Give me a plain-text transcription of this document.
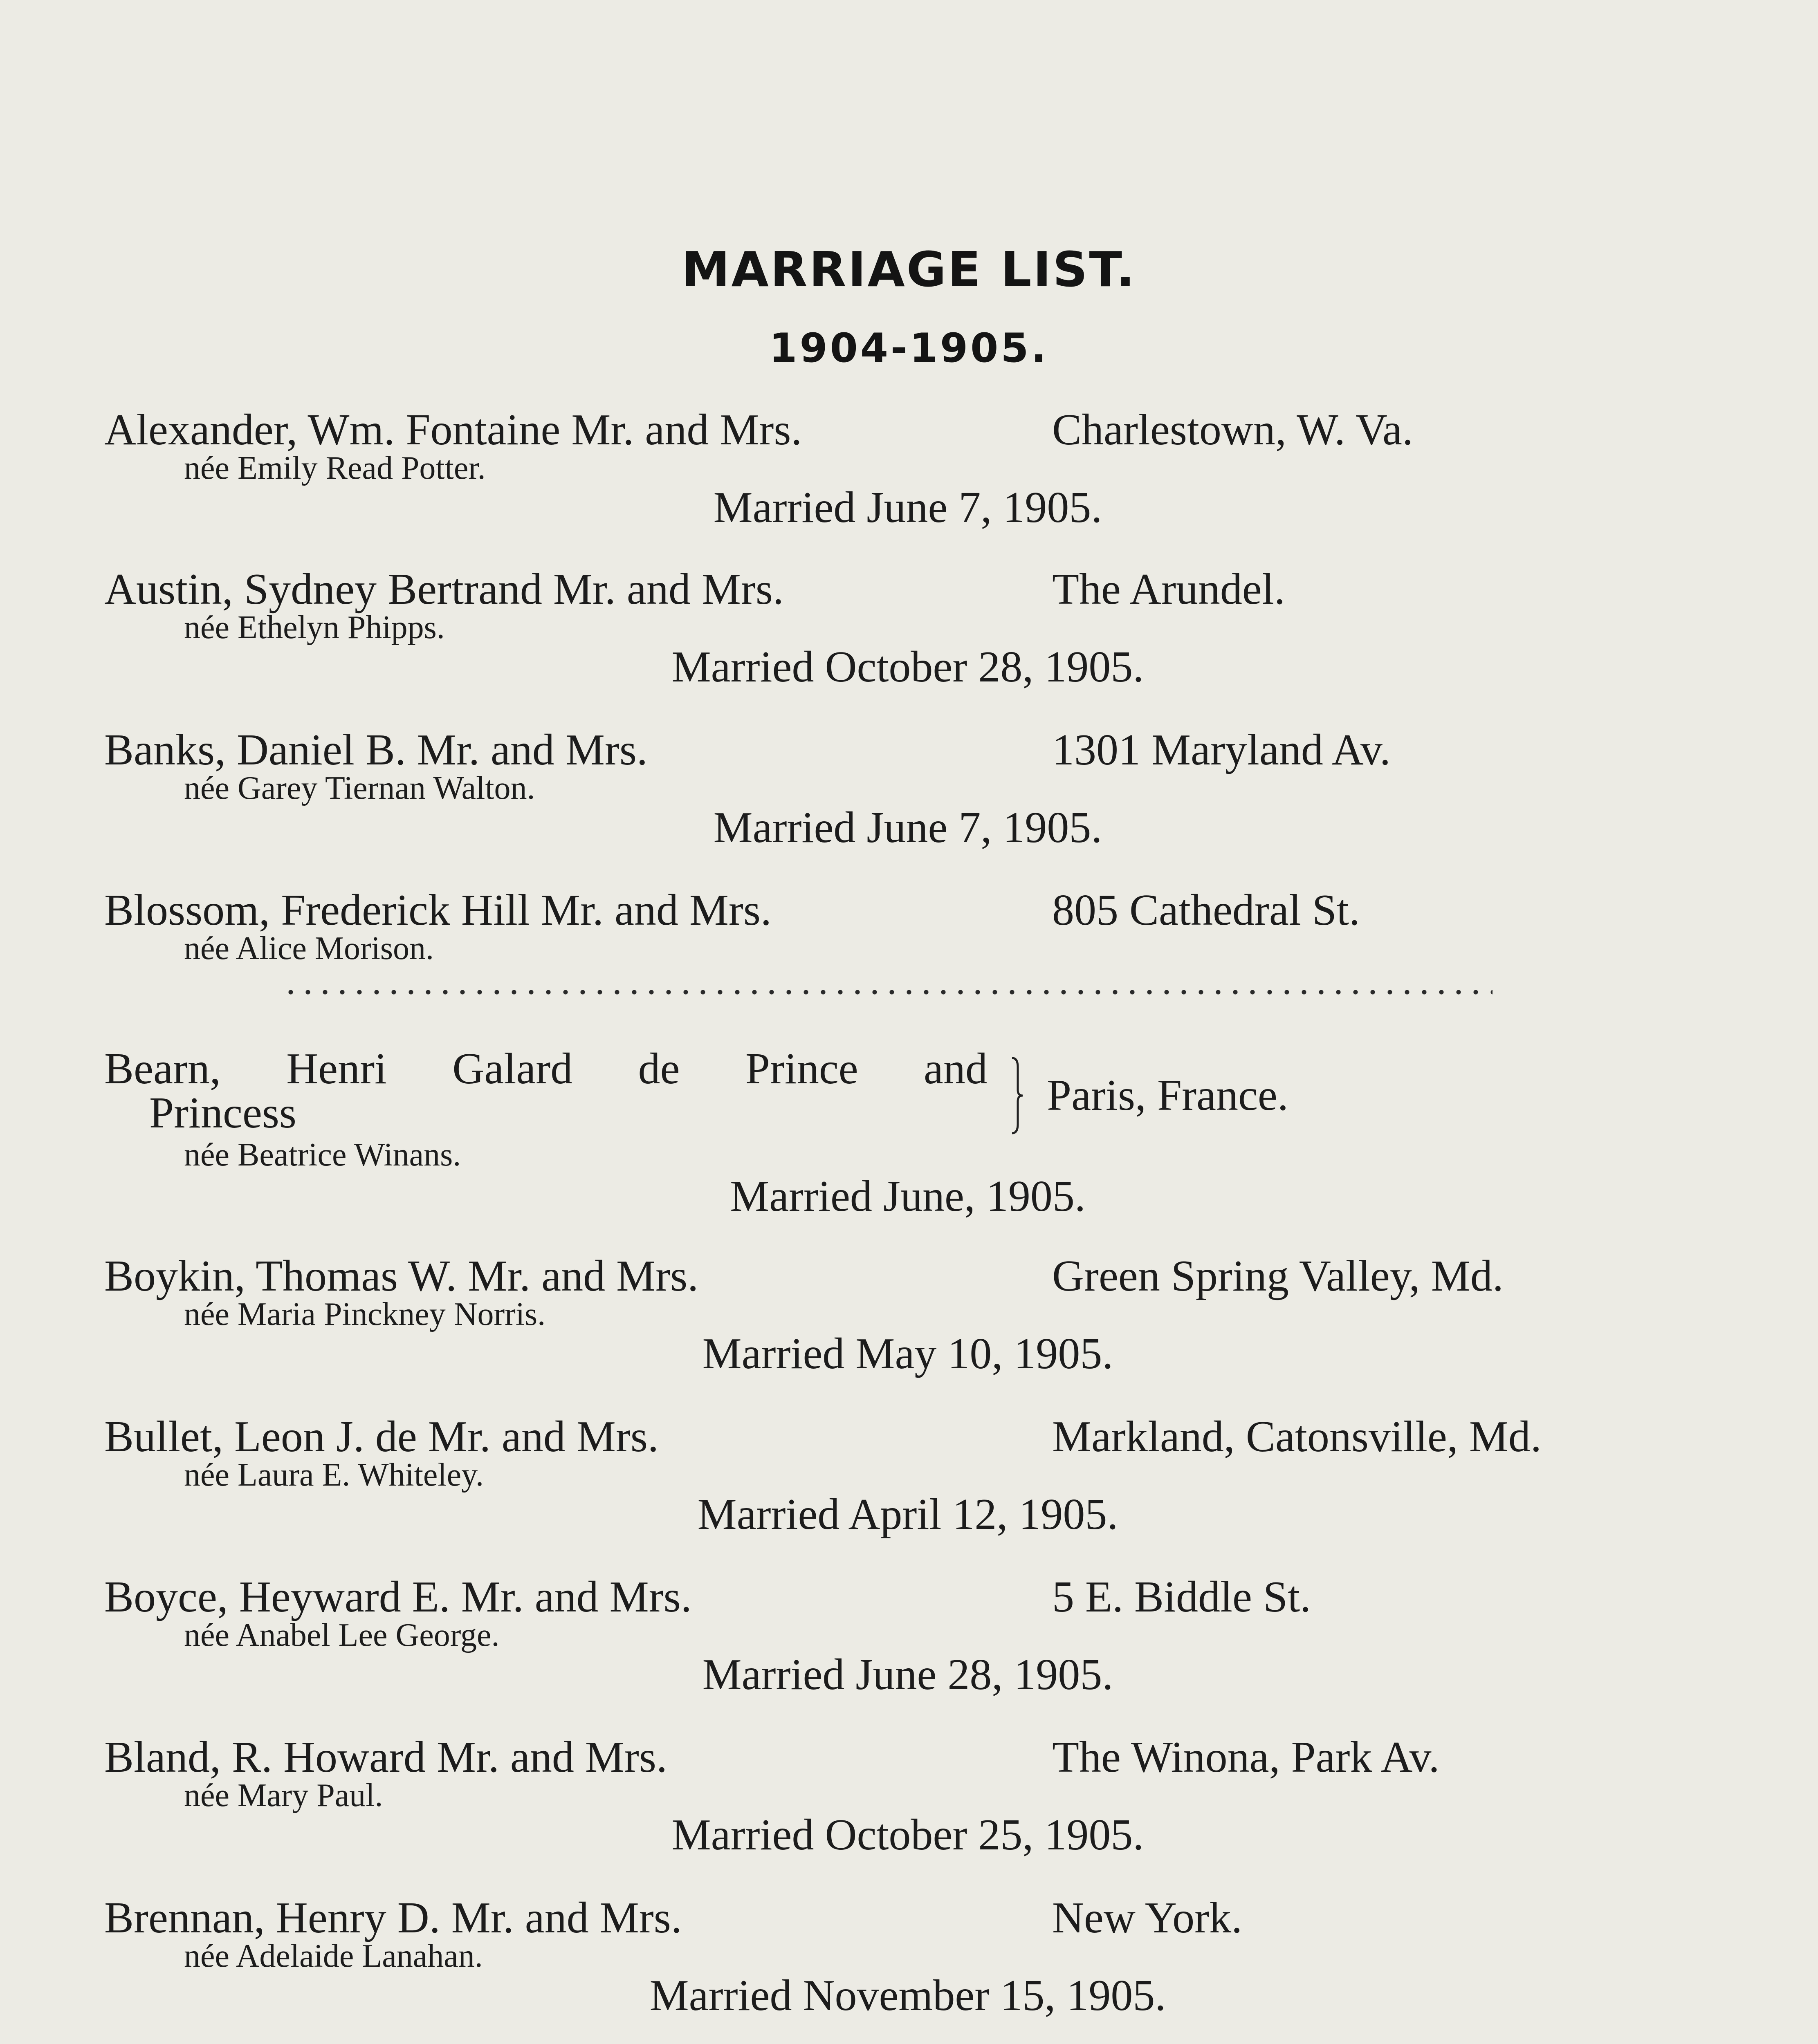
MARRIAGE LIST.
1904-1905.
Alexander, Wm. Fontaine Mr. and Mrs.	Charlestown, W. Va.
née Emily Read Potter.
Married June 7, 1905.
Austin, Sydney Bertrand Mr. and Mrs.	The Arundel.
née Ethelyn Phipps.
Married October 28, 1905.
Banks, Daniel B. Mr. and Mrs.	1301 Maryland Av.
née Garey Tiernan Walton.
Married June 7, 1905.
Blossom, Frederick Hill Mr. and Mrs.	805 Cathedral St.
née Alice Morison.
Bearn, Henri Galard de Prince and
Princess	Paris, France.
née Beatrice Winans.
Married June, 1905.
Boykin, Thomas W. Mr. and Mrs.	Green Spring Valley, Md.
née Maria Pinckney Norris.
Married May 10, 1905.
Bullet, Leon J. de Mr. and Mrs.	Markland, Catonsville, Md.
née Laura E. Whiteley.
Married April 12, 1905.
Boyce, Heyward E. Mr. and Mrs.	5 E. Biddle St.
née Anabel Lee George.
Married June 28, 1905.
Bland, R. Howard Mr. and Mrs.	The Winona, Park Av.
née Mary Paul.
Married October 25, 1905.
Brennan, Henry D. Mr. and Mrs.	New York.
née Adelaide Lanahan.
Married November 15, 1905.
